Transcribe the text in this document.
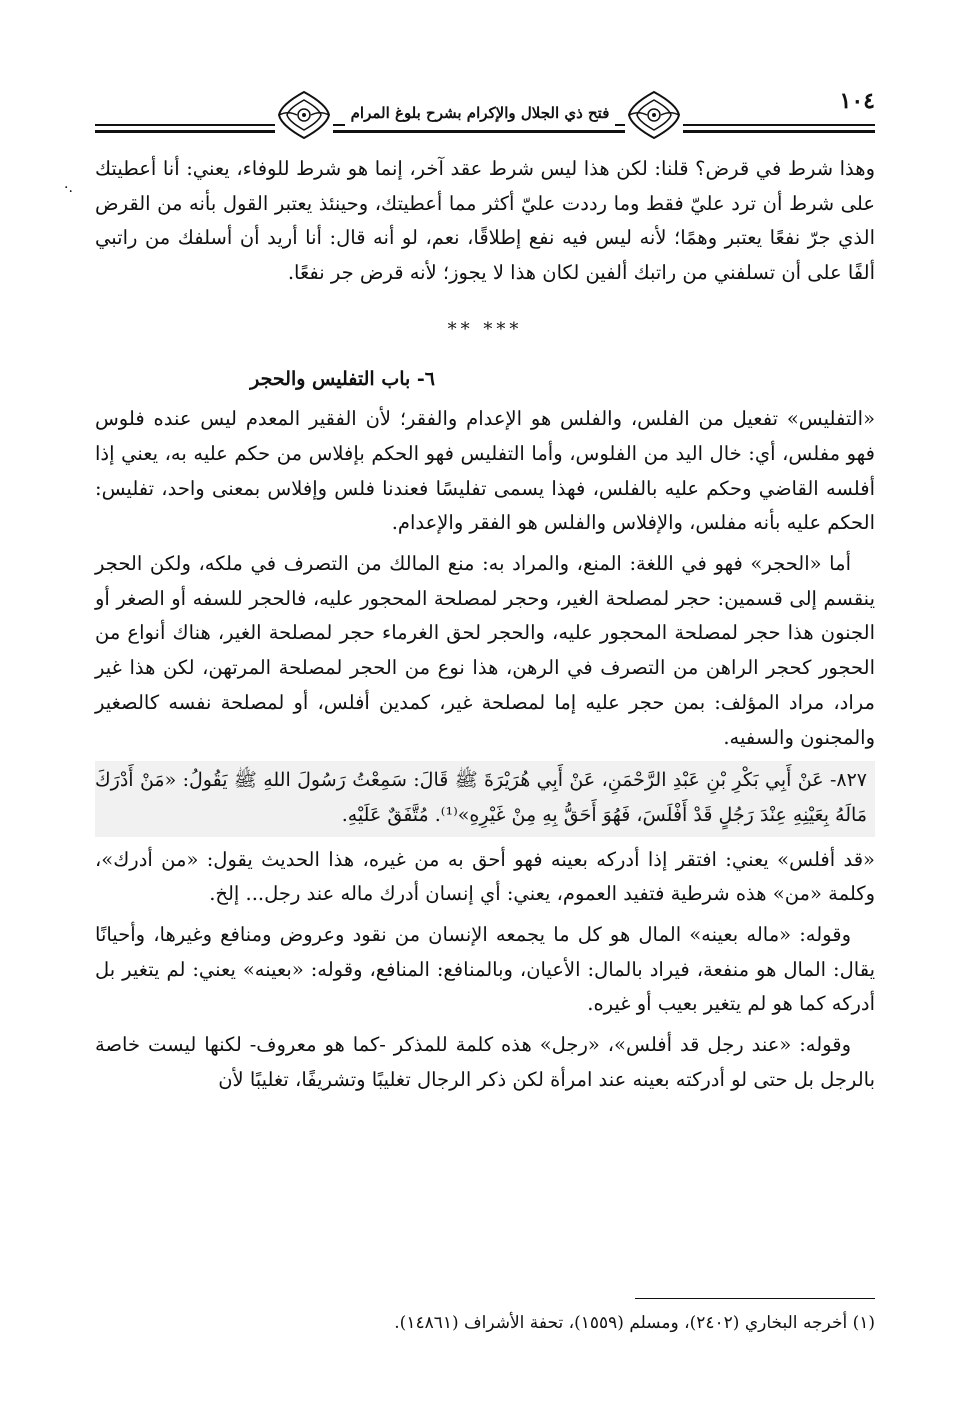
فتح ذي الجلال والإكرام بشرح بلوغ المرام	١٠٤
·.

وهذا شرط في قرض؟ قلنا: لكن هذا ليس شرط عقد آخر، إنما هو شرط للوفاء، يعني: أنا أعطيتك على شرط أن ترد عليّ فقط وما رددت عليّ أكثر مما أعطيتك، وحينئذ يعتبر القول بأنه من القرض الذي جرّ نفعًا يعتبر وهمًا؛ لأنه ليس فيه نفع إطلاقًا، نعم، لو أنه قال: أنا أريد أن أسلفك من راتبي ألفًا على أن تسلفني من راتبك ألفين لكان هذا لا يجوز؛ لأنه قرض جر نفعًا.

*** **
٦- باب التفليس والحجر

«التفليس» تفعيل من الفلس، والفلس هو الإعدام والفقر؛ لأن الفقير المعدم ليس عنده فلوس فهو مفلس، أي: خال اليد من الفلوس، وأما التفليس فهو الحكم بإفلاس من حكم عليه به، يعني إذا أفلسه القاضي وحكم عليه بالفلس، فهذا يسمى تفليسًا فعندنا فلس وإفلاس بمعنى واحد، تفليس: الحكم عليه بأنه مفلس، والإفلاس والفلس هو الفقر والإعدام.

أما «الحجر» فهو في اللغة: المنع، والمراد به: منع المالك من التصرف في ملكه، ولكن الحجر ينقسم إلى قسمين: حجر لمصلحة الغير، وحجر لمصلحة المحجور عليه، فالحجر للسفه أو الصغر أو الجنون هذا حجر لمصلحة المحجور عليه، والحجر لحق الغرماء حجر لمصلحة الغير، هناك أنواع من الحجور كحجر الراهن من التصرف في الرهن، هذا نوع من الحجر لمصلحة المرتهن، لكن هذا غير مراد، مراد المؤلف: بمن حجر عليه إما لمصلحة غير، كمدين أفلس، أو لمصلحة نفسه كالصغير والمجنون والسفيه.

٨٢٧- عَنْ أَبِي بَكْرِ بْنِ عَبْدِ الرَّحْمَنِ، عَنْ أَبِي هُرَيْرَةَ ﷺ قَالَ: سَمِعْتُ رَسُولَ اللهِ ﷺ يَقُولُ: «مَنْ أَدْرَكَ مَالَهُ بِعَيْنِهِ عِنْدَ رَجُلٍ قَدْ أَفْلَسَ، فَهُوَ أَحَقُّ بِهِ مِنْ غَيْرِهِ»⁽¹⁾. مُتَّفَقٌ عَلَيْهِ.

«قد أفلس» يعني: افتقر إذا أدركه بعينه فهو أحق به من غيره، هذا الحديث يقول: «من أدرك»، وكلمة «من» هذه شرطية فتفيد العموم، يعني: أي إنسان أدرك ماله عند رجل... إلخ.

وقوله: «ماله بعينه» المال هو كل ما يجمعه الإنسان من نقود وعروض ومنافع وغيرها، وأحيانًا يقال: المال هو منفعة، فيراد بالمال: الأعيان، وبالمنافع: المنافع، وقوله: «بعينه» يعني: لم يتغير بل أدركه كما هو لم يتغير بعيب أو غيره.

وقوله: «عند رجل قد أفلس»، «رجل» هذه كلمة للمذكر -كما هو معروف- لكنها ليست خاصة بالرجل بل حتى لو أدركته بعينه عند امرأة لكن ذكر الرجال تغليبًا وتشريفًا، تغليبًا لأن

(١) أخرجه البخاري (٢٤٠٢)، ومسلم (١٥٥٩)، تحفة الأشراف (١٤٨٦١).
